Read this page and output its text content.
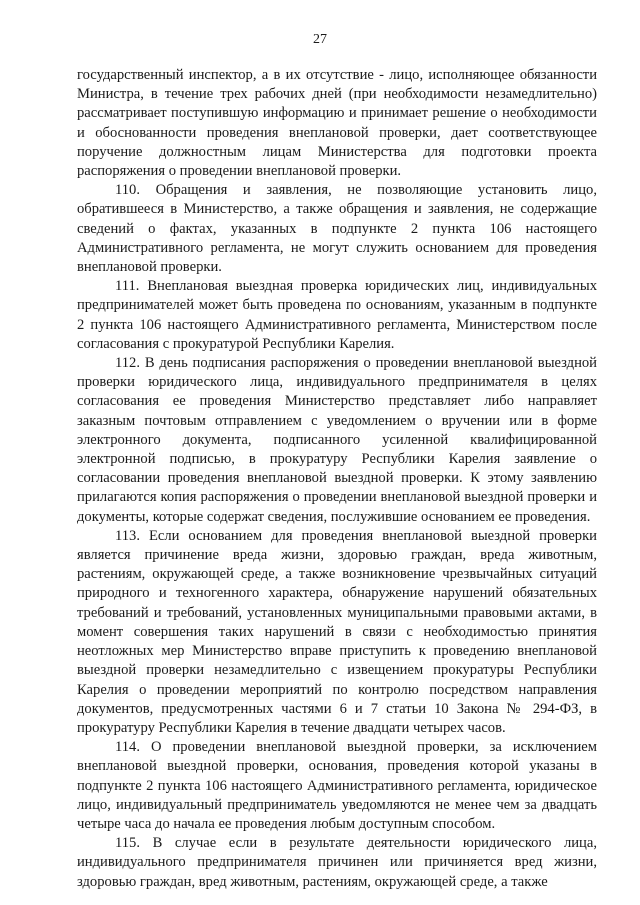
27

государственный инспектор, а в их отсутствие - лицо, исполняющее обязанности Министра, в течение трех рабочих дней (при необходимости незамедлительно) рассматривает поступившую информацию и принимает решение о необходимости и обоснованности проведения внеплановой проверки, дает соответствующее поручение должностным лицам Министерства для подготовки проекта распоряжения о проведении внеплановой проверки.

110. Обращения и заявления, не позволяющие установить лицо, обратившееся в Министерство, а также обращения и заявления, не содержащие сведений о фактах, указанных в подпункте 2 пункта 106 настоящего Административного регламента, не могут служить основанием для проведения внеплановой проверки.

111. Внеплановая выездная проверка юридических лиц, индивидуальных предпринимателей может быть проведена по основаниям, указанным в подпункте 2 пункта 106 настоящего Административного регламента, Министерством после согласования с прокуратурой Республики Карелия.

112. В день подписания распоряжения о проведении внеплановой выездной проверки юридического лица, индивидуального предпринимателя в целях согласования ее проведения Министерство представляет либо направляет заказным почтовым отправлением с уведомлением о вручении или в форме электронного документа, подписанного усиленной квалифицированной электронной подписью, в прокуратуру Республики Карелия заявление о согласовании проведения внеплановой выездной проверки. К этому заявлению прилагаются копия распоряжения о проведении внеплановой выездной проверки и документы, которые содержат сведения, послужившие основанием ее проведения.

113. Если основанием для проведения внеплановой выездной проверки является причинение вреда жизни, здоровью граждан, вреда животным, растениям, окружающей среде, а также возникновение чрезвычайных ситуаций природного и техногенного характера, обнаружение нарушений обязательных требований и требований, установленных муниципальными правовыми актами, в момент совершения таких нарушений в связи с необходимостью принятия неотложных мер Министерство вправе приступить к проведению внеплановой выездной проверки незамедлительно с извещением прокуратуры Республики Карелия о проведении мероприятий по контролю посредством направления документов, предусмотренных частями 6 и 7 статьи 10 Закона № 294-ФЗ, в прокуратуру Республики Карелия в течение двадцати четырех часов.

114. О проведении внеплановой выездной проверки, за исключением внеплановой выездной проверки, основания, проведения которой указаны в подпункте 2 пункта 106 настоящего Административного регламента, юридическое лицо, индивидуальный предприниматель уведомляются не менее чем за двадцать четыре часа до начала ее проведения любым доступным способом.

115. В случае если в результате деятельности юридического лица, индивидуального предпринимателя причинен или причиняется вред жизни, здоровью граждан, вред животным, растениям, окружающей среде, а также
